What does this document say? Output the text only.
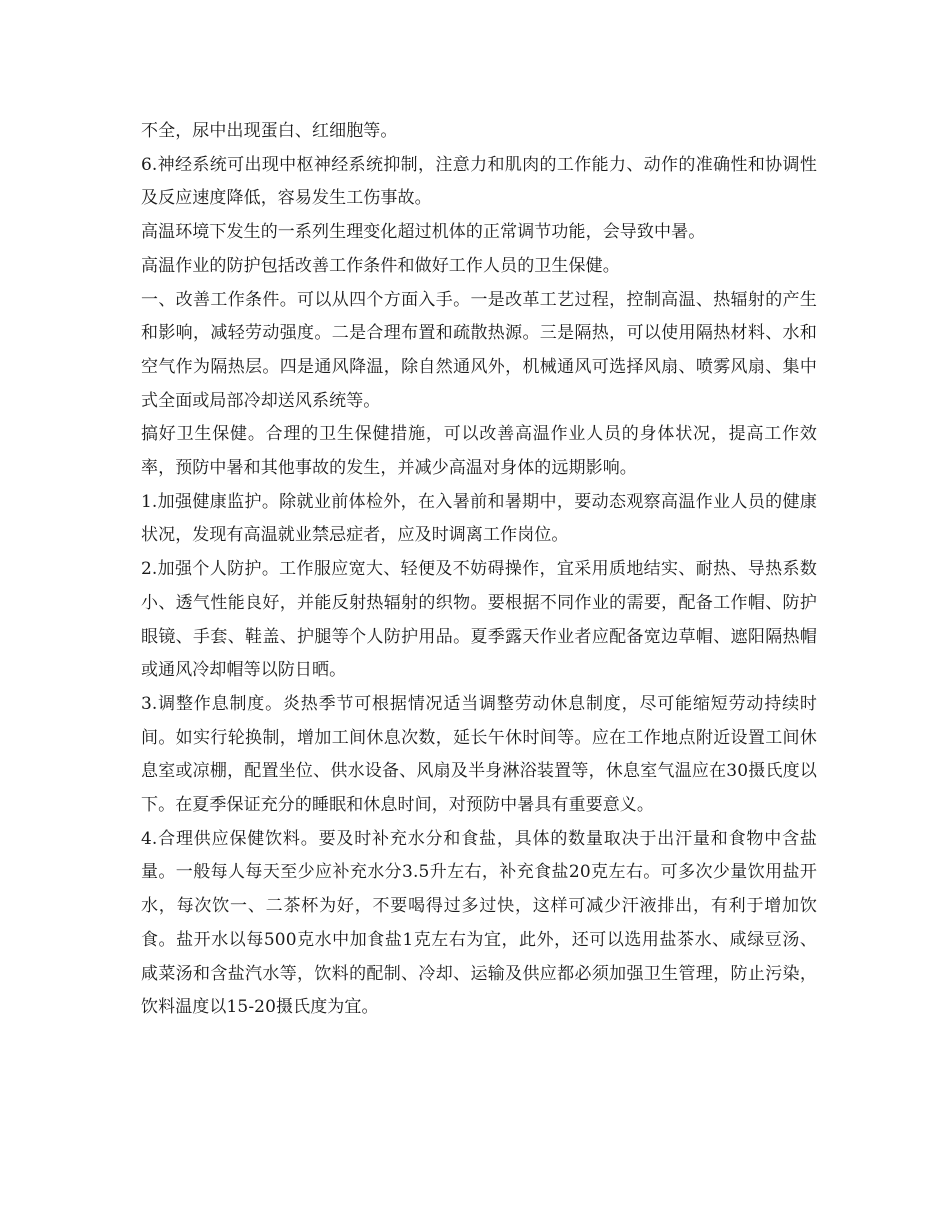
不全，尿中出现蛋白、红细胞等。

6.神经系统可出现中枢神经系统抑制，注意力和肌肉的工作能力、动作的准确性和协调性及反应速度降低，容易发生工伤事故。

高温环境下发生的一系列生理变化超过机体的正常调节功能，会导致中暑。

高温作业的防护包括改善工作条件和做好工作人员的卫生保健。

一、改善工作条件。可以从四个方面入手。一是改革工艺过程，控制高温、热辐射的产生和影响，减轻劳动强度。二是合理布置和疏散热源。三是隔热，可以使用隔热材料、水和空气作为隔热层。四是通风降温，除自然通风外，机械通风可选择风扇、喷雾风扇、集中式全面或局部冷却送风系统等。

搞好卫生保健。合理的卫生保健措施，可以改善高温作业人员的身体状况，提高工作效率，预防中暑和其他事故的发生，并减少高温对身体的远期影响。

1.加强健康监护。除就业前体检外，在入暑前和暑期中，要动态观察高温作业人员的健康状况，发现有高温就业禁忌症者，应及时调离工作岗位。

2.加强个人防护。工作服应宽大、轻便及不妨碍操作，宜采用质地结实、耐热、导热系数小、透气性能良好，并能反射热辐射的织物。要根据不同作业的需要，配备工作帽、防护眼镜、手套、鞋盖、护腿等个人防护用品。夏季露天作业者应配备宽边草帽、遮阳隔热帽或通风冷却帽等以防日晒。

3.调整作息制度。炎热季节可根据情况适当调整劳动休息制度，尽可能缩短劳动持续时间。如实行轮换制，增加工间休息次数，延长午休时间等。应在工作地点附近设置工间休息室或凉棚，配置坐位、供水设备、风扇及半身淋浴装置等，休息室气温应在30摄氏度以下。在夏季保证充分的睡眠和休息时间，对预防中暑具有重要意义。

4.合理供应保健饮料。要及时补充水分和食盐，具体的数量取决于出汗量和食物中含盐量。一般每人每天至少应补充水分3.5升左右，补充食盐20克左右。可多次少量饮用盐开水，每次饮一、二茶杯为好，不要喝得过多过快，这样可减少汗液排出，有利于增加饮食。盐开水以每500克水中加食盐1克左右为宜，此外，还可以选用盐茶水、咸绿豆汤、咸菜汤和含盐汽水等，饮料的配制、冷却、运输及供应都必须加强卫生管理，防止污染，饮料温度以15-20摄氏度为宜。
